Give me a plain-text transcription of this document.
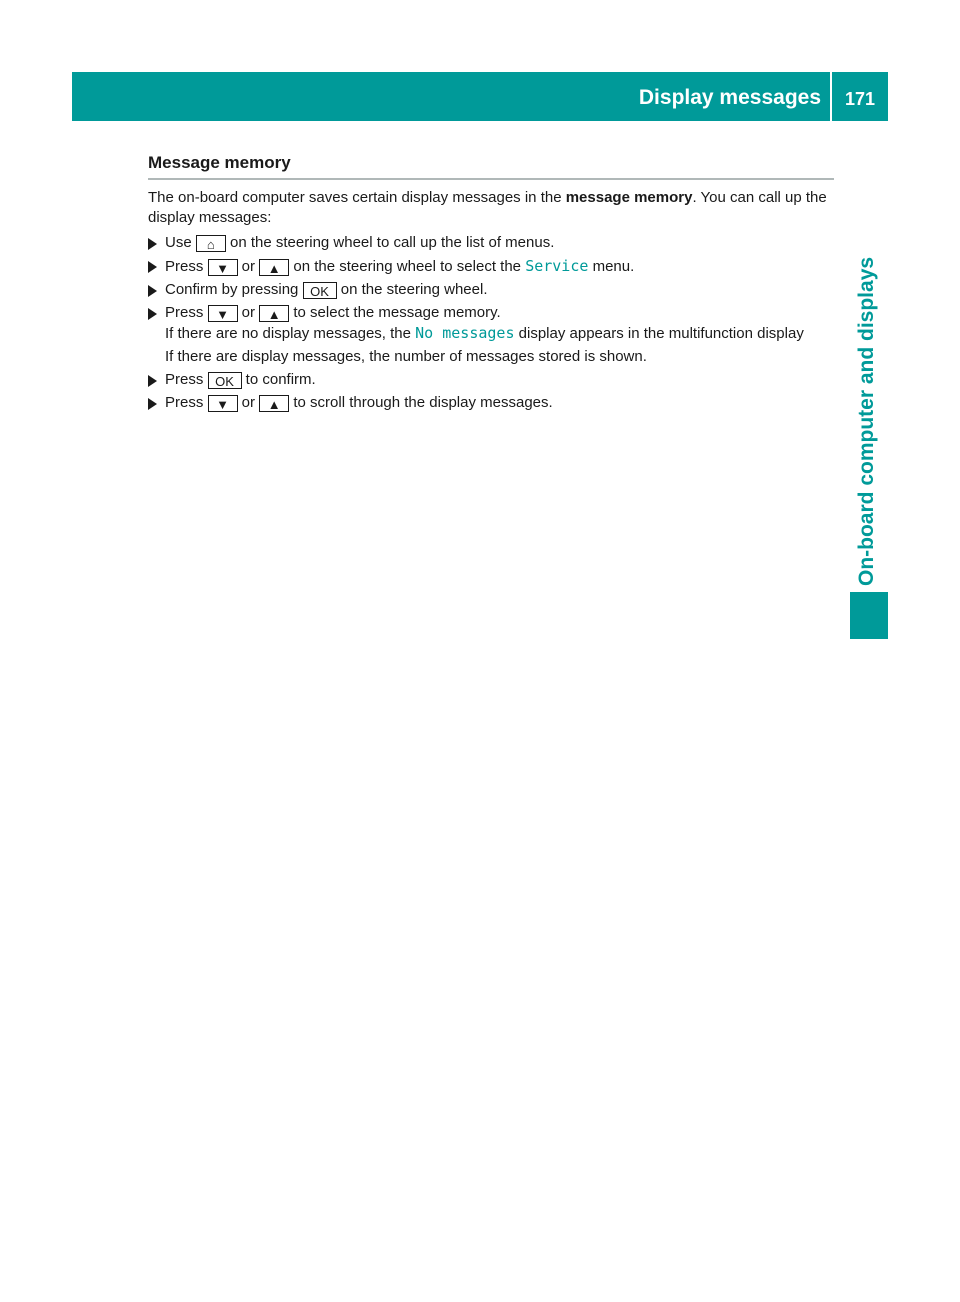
Display messages	171
On-board computer and displays
Message memory

The on-board computer saves certain display messages in the message memory. You can call up the display messages:

Use ⌂ on the steering wheel to call up the list of menus.
Press ▼ or ▲ on the steering wheel to select the Service menu.
Confirm by pressing OK on the steering wheel.
Press ▼ or ▲ to select the message memory.
If there are no display messages, the No messages display appears in the multifunction display
If there are display messages, the number of messages stored is shown.
Press OK to confirm.
Press ▼ or ▲ to scroll through the display messages.
